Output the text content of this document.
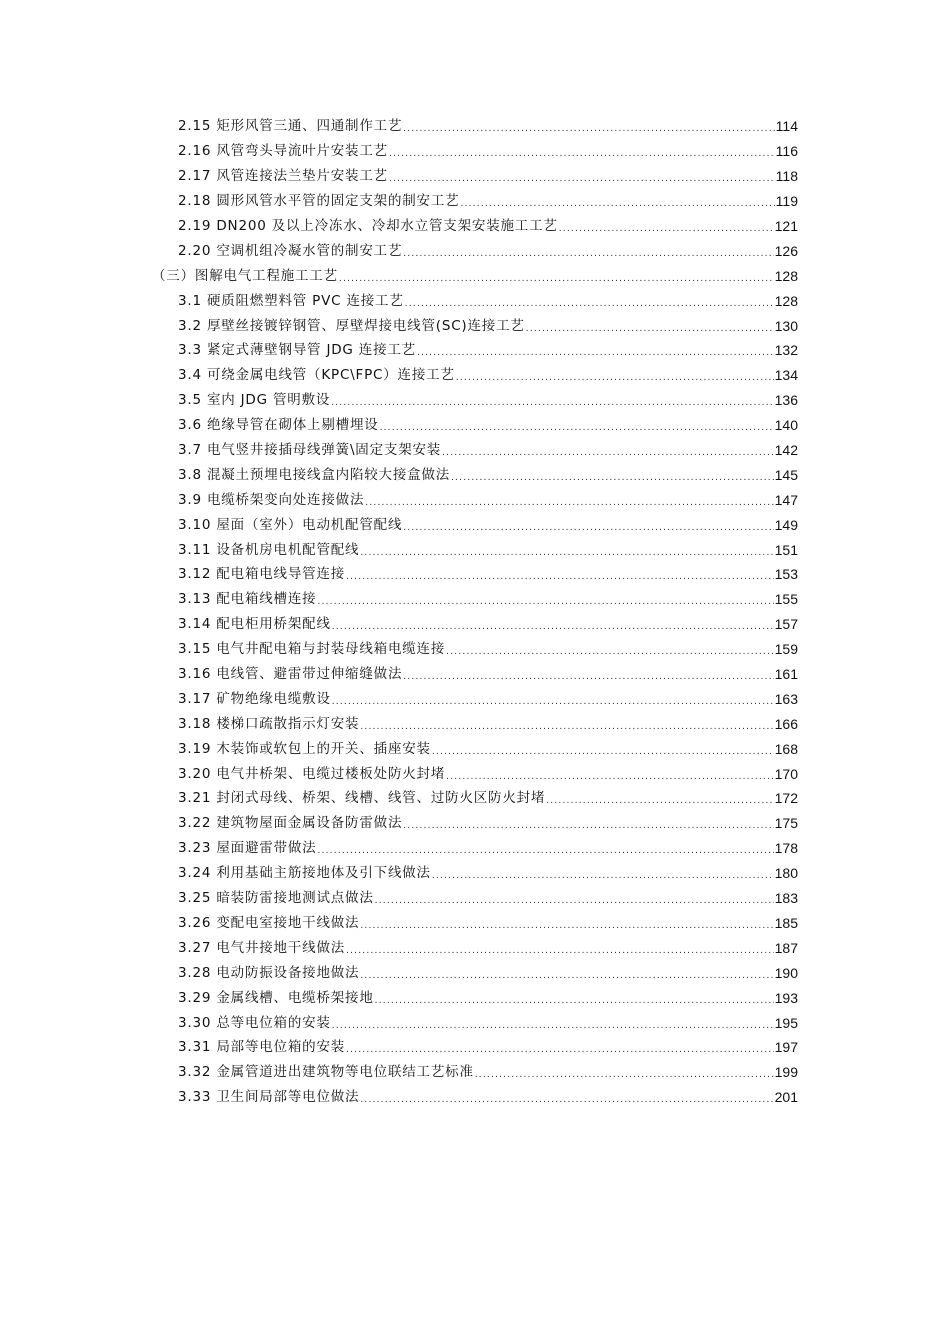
2.15 矩形风管三通、四通制作工艺 .....	114
2.16 风管弯头导流叶片安装工艺 .....	116
2.17 风管连接法兰垫片安装工艺 .....	118
2.18 圆形风管水平管的固定支架的制安工艺 .....	119
2.19 DN200 及以上冷冻水、冷却水立管支架安装施工工艺 .....	121
2.20 空调机组冷凝水管的制安工艺 .....	126
（三）图解电气工程施工工艺 .....	128
3.1 硬质阻燃塑料管 PVC 连接工艺 .....	128
3.2 厚壁丝接镀锌钢管、厚壁焊接电线管(SC)连接工艺 .....	130
3.3 紧定式薄壁钢导管 JDG 连接工艺 .....	132
3.4 可绕金属电线管（KPC\FPC）连接工艺 .....	134
3.5 室内 JDG 管明敷设 .....	136
3.6 绝缘导管在砌体上剔槽埋设 .....	140
3.7 电气竖井接插母线弹簧\固定支架安装 .....	142
3.8 混凝土预埋电接线盒内陷较大接盒做法 .....	145
3.9 电缆桥架变向处连接做法 .....	147
3.10 屋面（室外）电动机配管配线 .....	149
3.11 设备机房电机配管配线 .....	151
3.12 配电箱电线导管连接 .....	153
3.13 配电箱线槽连接 .....	155
3.14 配电柜用桥架配线 .....	157
3.15 电气井配电箱与封装母线箱电缆连接 .....	159
3.16 电线管、避雷带过伸缩缝做法 .....	161
3.17 矿物绝缘电缆敷设 .....	163
3.18 楼梯口疏散指示灯安装 .....	166
3.19 木装饰或软包上的开关、插座安装 .....	168
3.20 电气井桥架、电缆过楼板处防火封堵 .....	170
3.21 封闭式母线、桥架、线槽、线管、过防火区防火封堵 .....	172
3.22 建筑物屋面金属设备防雷做法 .....	175
3.23 屋面避雷带做法 .....	178
3.24 利用基础主筋接地体及引下线做法 .....	180
3.25 暗装防雷接地测试点做法 .....	183
3.26 变配电室接地干线做法 .....	185
3.27 电气井接地干线做法 .....	187
3.28 电动防振设备接地做法 .....	190
3.29 金属线槽、电缆桥架接地 .....	193
3.30 总等电位箱的安装 .....	195
3.31 局部等电位箱的安装 .....	197
3.32 金属管道进出建筑物等电位联结工艺标准 .....	199
3.33 卫生间局部等电位做法 .....	201
